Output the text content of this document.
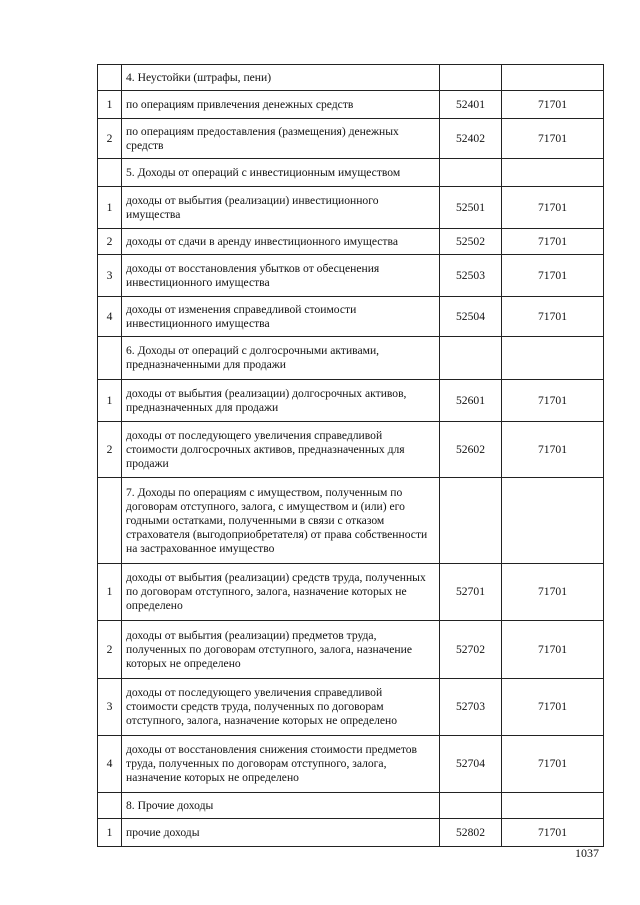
	4. Неустойки (штрафы, пени)		
1	по операциям привлечения денежных средств	52401	71701
2	по операциям предоставления (размещения) денежных средств	52402	71701
	5. Доходы от операций с инвестиционным имуществом		
1	доходы от выбытия (реализации) инвестиционного имущества	52501	71701
2	доходы от сдачи в аренду инвестиционного имущества	52502	71701
3	доходы от восстановления убытков от обесценения инвестиционного имущества	52503	71701
4	доходы от изменения справедливой стоимости инвестиционного имущества	52504	71701
	6. Доходы от операций с долгосрочными активами, предназначенными для продажи		
1	доходы от выбытия (реализации) долгосрочных активов, предназначенных для продажи	52601	71701
2	доходы от последующего увеличения справедливой стоимости долгосрочных активов, предназначенных для продажи	52602	71701
	7. Доходы по операциям с имуществом, полученным по договорам отступного, залога, с имуществом и (или) его годными остатками, полученными в связи с отказом страхователя (выгодоприобретателя) от права собственности на застрахованное имущество		
1	доходы от выбытия (реализации) средств труда, полученных по договорам отступного, залога, назначение которых не определено	52701	71701
2	доходы от выбытия (реализации) предметов труда, полученных по договорам отступного, залога, назначение которых не определено	52702	71701
3	доходы от последующего увеличения справедливой стоимости средств труда, полученных по договорам отступного, залога, назначение которых не определено	52703	71701
4	доходы от восстановления снижения стоимости предметов труда, полученных по договорам отступного, залога, назначение которых не определено	52704	71701
	8. Прочие доходы		
1	прочие доходы	52802	71701
1037
